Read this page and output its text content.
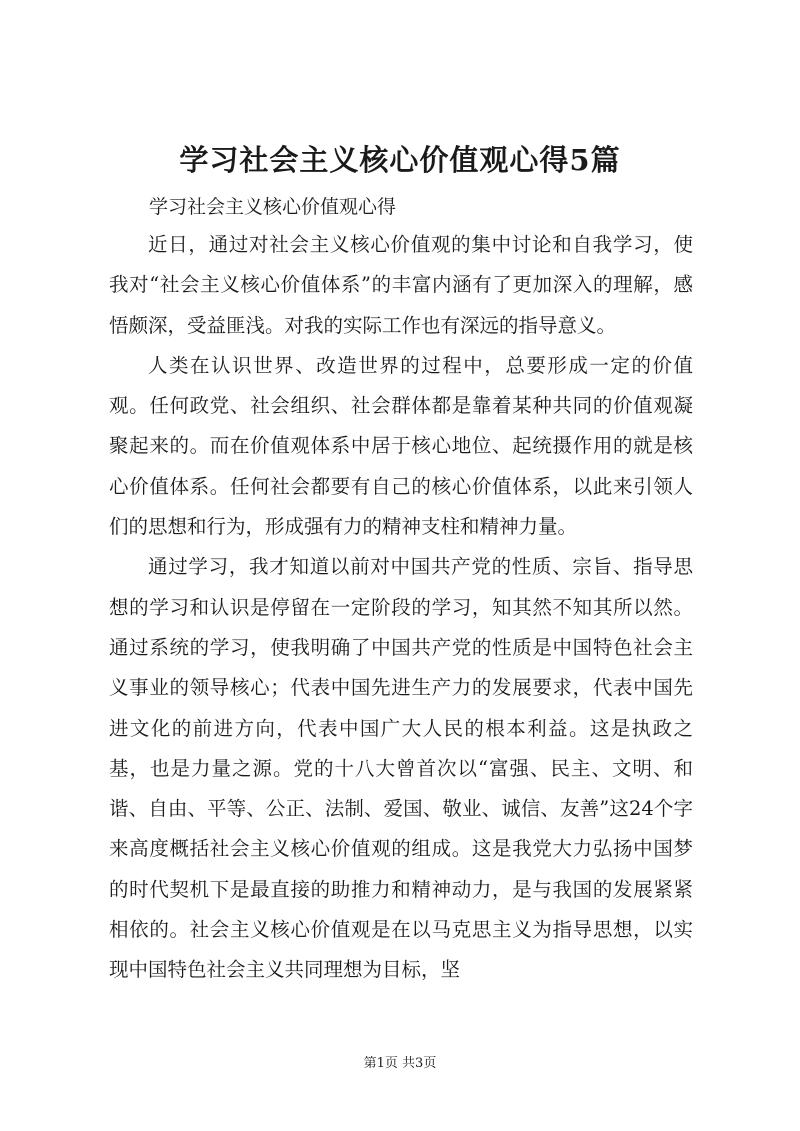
学习社会主义核心价值观心得5篇

学习社会主义核心价值观心得

近日，通过对社会主义核心价值观的集中讨论和自我学习，使我对“社会主义核心价值体系”的丰富内涵有了更加深入的理解，感悟颇深，受益匪浅。对我的实际工作也有深远的指导意义。

人类在认识世界、改造世界的过程中，总要形成一定的价值观。任何政党、社会组织、社会群体都是靠着某种共同的价值观凝聚起来的。而在价值观体系中居于核心地位、起统摄作用的就是核心价值体系。任何社会都要有自己的核心价值体系，以此来引领人们的思想和行为，形成强有力的精神支柱和精神力量。

通过学习，我才知道以前对中国共产党的性质、宗旨、指导思想的学习和认识是停留在一定阶段的学习，知其然不知其所以然。通过系统的学习，使我明确了中国共产党的性质是中国特色社会主义事业的领导核心；代表中国先进生产力的发展要求，代表中国先进文化的前进方向，代表中国广大人民的根本利益。这是执政之基，也是力量之源。党的十八大曾首次以“富强、民主、文明、和谐、自由、平等、公正、法制、爱国、敬业、诚信、友善”这24个字来高度概括社会主义核心价值观的组成。这是我党大力弘扬中国梦的时代契机下是最直接的助推力和精神动力，是与我国的发展紧紧相依的。社会主义核心价值观是在以马克思主义为指导思想，以实现中国特色社会主义共同理想为目标，坚

第1页 共3页
